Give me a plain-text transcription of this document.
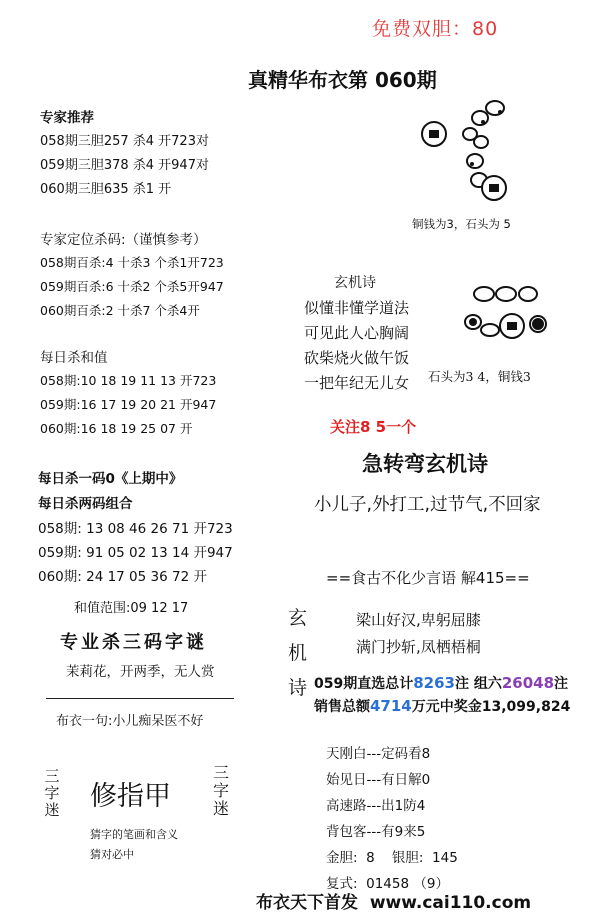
免费双胆：80
真精华布衣第 060期
专家推荐
058期三胆257 杀4 开723对
059期三胆378 杀4 开947对
060期三胆635 杀1 开
专家定位杀码:（谨慎参考）
058期百杀:4 十杀3 个杀1开723
059期百杀:6 十杀2 个杀5开947
060期百杀:2 十杀7 个杀4开
每日杀和值
058期:10 18 19 11 13 开723
059期:16 17 19 20 21 开947
060期:16 18 19 25 07 开
每日杀一码0《上期中》
每日杀两码组合
058期: 13 08 46 26 71 开723
059期: 91 05 02 13 14 开947
060期: 24 17 05 36 72 开
和值范围:09 12 17
专业杀三码字谜
茉莉花，开两季，无人赏
布衣一句:小儿痴呆医不好
三字迷 修指甲
三字迷
猜字的笔画和含义
猜对必中
铜钱为3，石头为 5
玄机诗
似懂非懂学道法
可见此人心胸阔
砍柴烧火做午饭
一把年纪无儿女 石头为3 4，铜钱3
关注8 5一个
急转弯玄机诗
小儿子,外打工,过节气,不回家
==食古不化少言语 解415==
玄
机
诗
梁山好汉,卑躬屈膝
满门抄斩,凤栖梧桐
059期直选总计8263注 组六26048注
销售总额4714万元中奖金13,099,824
天刚白---定码看8
始见日---有日解0
高速路---出1防4
背包客---有9来5
金胆:  8    银胆:  145
复式:  01458 （9）
布衣天下首发  www.cai110.com
